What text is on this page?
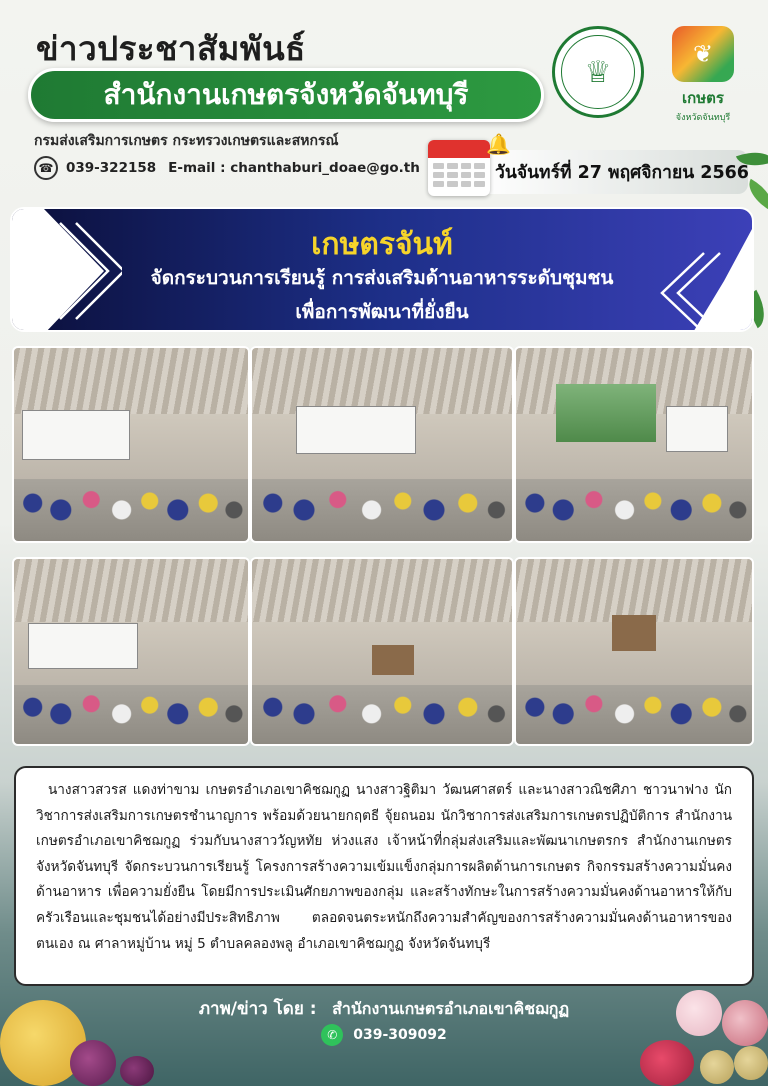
ข่าวประชาสัมพันธ์
สำนักงานเกษตรจังหวัดจันทบุรี
กรมส่งเสริมการเกษตร กระทรวงเกษตรและสหกรณ์
☎ 039-322158 E-mail : chanthaburi_doae@go.th
♕
❦
เกษตร
จังหวัดจันทบุรี
วันจันทร์ที่ 27 พฤศจิกายน 2566
🔔
เกษตรจันท์
จัดกระบวนการเรียนรู้ การส่งเสริมด้านอาหารระดับชุมชน
เพื่อการพัฒนาที่ยั่งยืน

นางสาวสวรส แดงท่าขาม เกษตรอำเภอเขาคิชฌกูฏ นางสาวฐิติมา วัฒนศาสตร์ และนางสาวณิชศิภา ชาวนาฟาง นักวิชาการส่งเสริมการเกษตรชำนาญการ พร้อมด้วยนายกฤตธี จุ้ยถนอม นักวิชาการส่งเสริมการเกษตรปฏิบัติการ สำนักงานเกษตรอำเภอเขาคิชฌกูฏ ร่วมกับนางสาววัญหทัย ห่วงแสง เจ้าหน้าที่กลุ่มส่งเสริมและพัฒนาเกษตรกร สำนักงานเกษตรจังหวัดจันทบุรี จัดกระบวนการเรียนรู้ โครงการสร้างความเข้มแข็งกลุ่มการผลิตด้านการเกษตร กิจกรรมสร้างความมั่นคงด้านอาหาร เพื่อความยั่งยืน โดยมีการประเมินศักยภาพของกลุ่ม และสร้างทักษะในการสร้างความมั่นคงด้านอาหารให้กับครัวเรือนและชุมชนได้อย่างมีประสิทธิภาพ ตลอดจนตระหนักถึงความสำคัญของการสร้างความมั่นคงด้านอาหารของตนเอง ณ ศาลาหมู่บ้าน หมู่ 5 ตำบลคลองพลู อำเภอเขาคิชฌกูฏ จังหวัดจันทบุรี

ภาพ/ข่าว โดย : สำนักงานเกษตรอำเภอเขาคิชฌกูฏ
✆	039-309092
